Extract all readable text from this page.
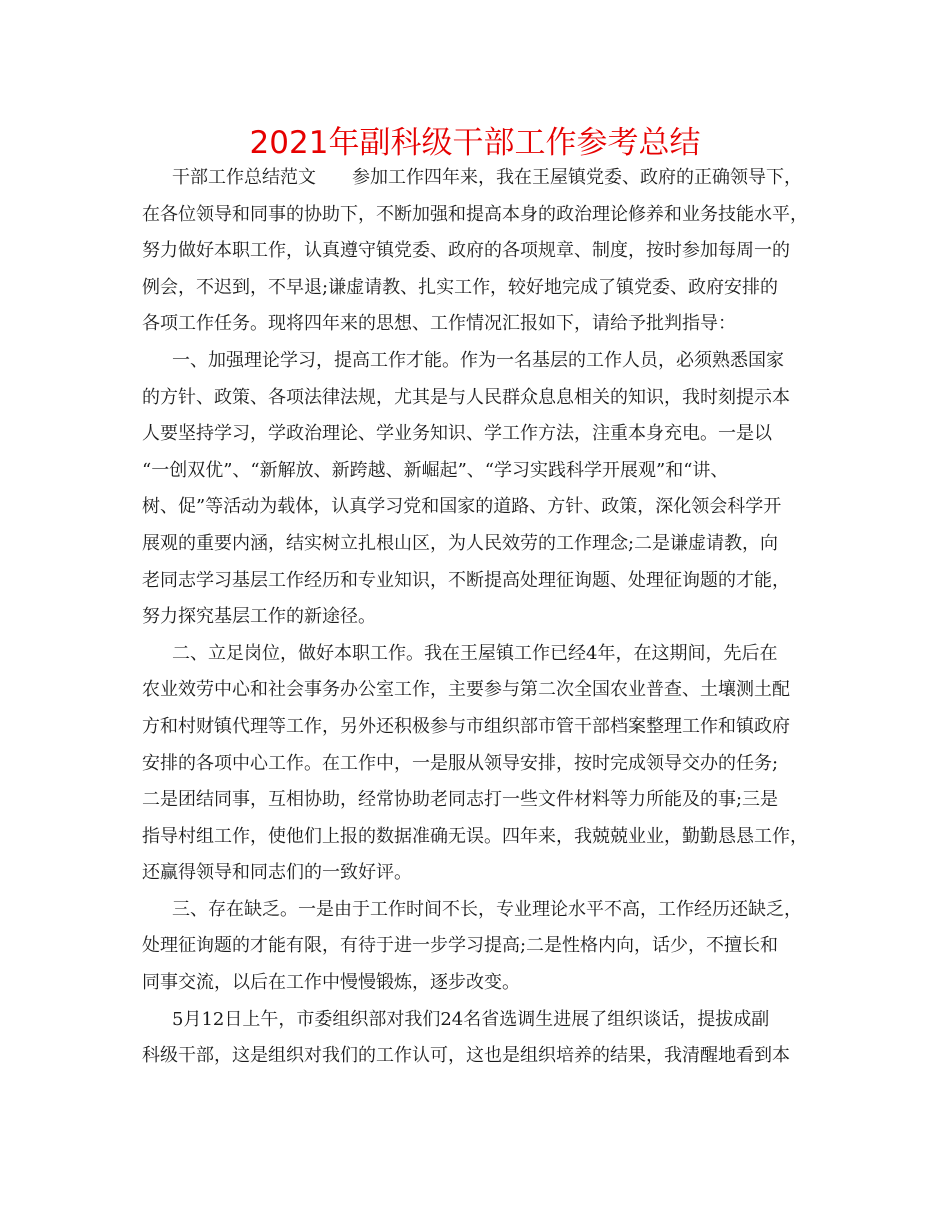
2021年副科级干部工作参考总结
干部工作总结范文　　参加工作四年来，我在王屋镇党委、政府的正确领导下，
在各位领导和同事的协助下，不断加强和提高本身的政治理论修养和业务技能水平，
努力做好本职工作，认真遵守镇党委、政府的各项规章、制度，按时参加每周一的
例会，不迟到，不早退;谦虚请教、扎实工作，较好地完成了镇党委、政府安排的
各项工作任务。现将四年来的思想、工作情况汇报如下，请给予批判指导：
一、加强理论学习，提高工作才能。作为一名基层的工作人员，必须熟悉国家
的方针、政策、各项法律法规，尤其是与人民群众息息相关的知识，我时刻提示本
人要坚持学习，学政治理论、学业务知识、学工作方法，注重本身充电。一是以
“一创双优”、“新解放、新跨越、新崛起”、“学习实践科学开展观”和“讲、
树、促”等活动为载体，认真学习党和国家的道路、方针、政策，深化领会科学开
展观的重要内涵，结实树立扎根山区，为人民效劳的工作理念;二是谦虚请教，向
老同志学习基层工作经历和专业知识，不断提高处理征询题、处理征询题的才能，
努力探究基层工作的新途径。
二、立足岗位，做好本职工作。我在王屋镇工作已经4年，在这期间，先后在
农业效劳中心和社会事务办公室工作，主要参与第二次全国农业普查、土壤测土配
方和村财镇代理等工作，另外还积极参与市组织部市管干部档案整理工作和镇政府
安排的各项中心工作。在工作中，一是服从领导安排，按时完成领导交办的任务;
二是团结同事，互相协助，经常协助老同志打一些文件材料等力所能及的事;三是
指导村组工作，使他们上报的数据准确无误。四年来，我兢兢业业，勤勤恳恳工作，
还赢得领导和同志们的一致好评。
三、存在缺乏。一是由于工作时间不长，专业理论水平不高，工作经历还缺乏，
处理征询题的才能有限，有待于进一步学习提高;二是性格内向，话少，不擅长和
同事交流，以后在工作中慢慢锻炼，逐步改变。
5月12日上午，市委组织部对我们24名省选调生进展了组织谈话，提拔成副
科级干部，这是组织对我们的工作认可，这也是组织培养的结果，我清醒地看到本
